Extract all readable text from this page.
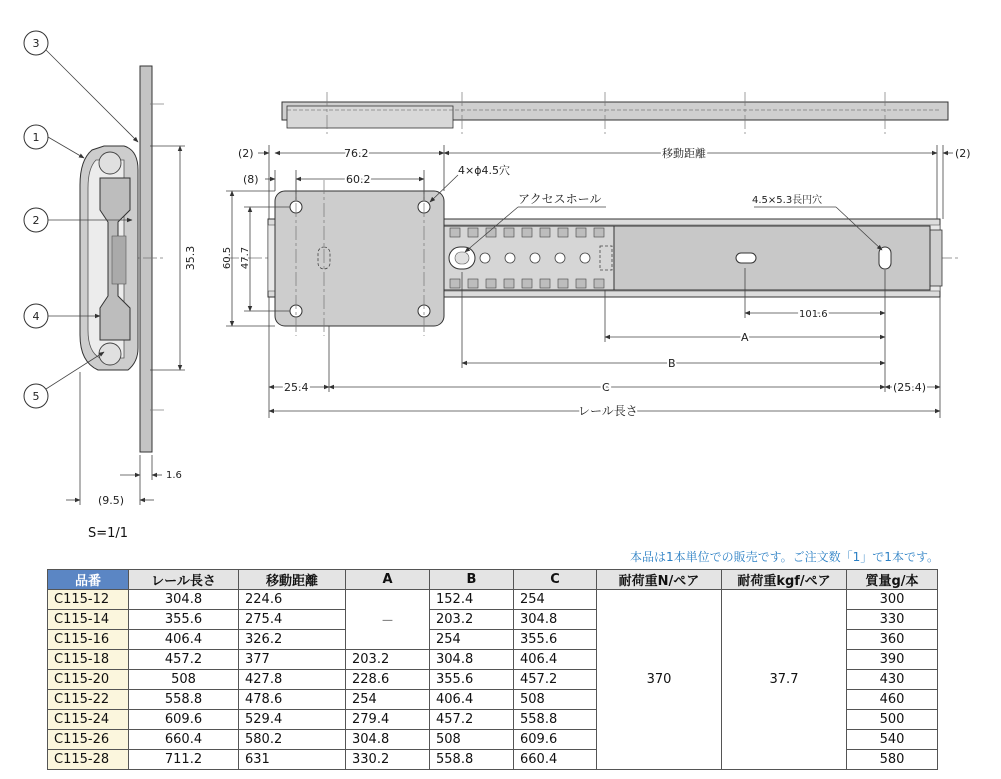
35.3
1.6
(9.5)
3
1
2
4
5
(2)	76.2	移動距離	(2)
(8)	60.2
4×ϕ4.5穴
アクセスホール	4.5×5.3長円穴
60.5 47.7
101.6
A
B
25.4	C	(25.4)
レール長さ
S=1/1
本品は1本単位での販売です。ご注文数「1」で1本です。
品番	レール長さ	移動距離	A	B	C	耐荷重N/ペア	耐荷重kgf/ペア	質量g/本
C115-12	304.8	224.6	－	152.4	254	370	37.7	300
C115-14	355.6	275.4		203.2	304.8			330
C115-16	406.4	326.2		254	355.6			360
C115-18	457.2	377	203.2	304.8	406.4			390
C115-20	508	427.8	228.6	355.6	457.2			430
C115-22	558.8	478.6	254	406.4	508			460
C115-24	609.6	529.4	279.4	457.2	558.8			500
C115-26	660.4	580.2	304.8	508	609.6			540
C115-28	711.2	631	330.2	558.8	660.4			580
